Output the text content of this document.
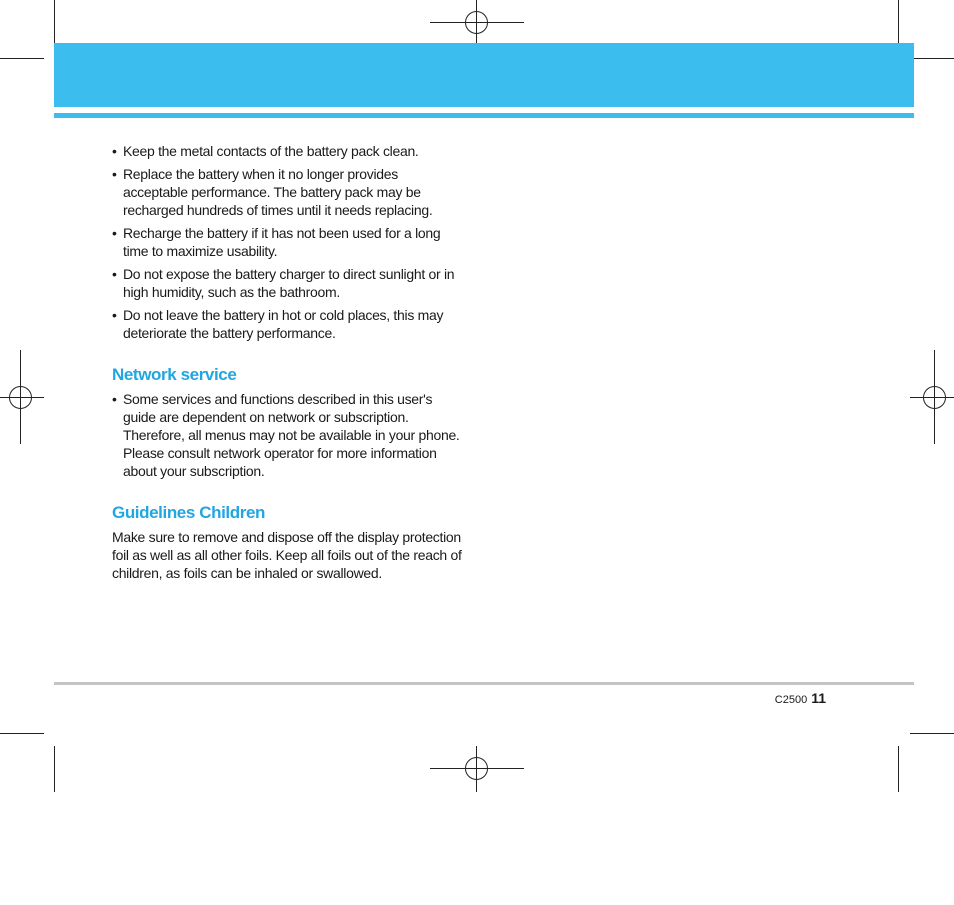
• Keep the metal contacts of the battery pack clean.
• Replace the battery when it no longer provides acceptable performance. The battery pack may be recharged hundreds of times until it needs replacing.
• Recharge the battery if it has not been used for a long time to maximize usability.
• Do not expose the battery charger to direct sunlight or in high humidity, such as the bathroom.
• Do not leave the battery in hot or cold places, this may deteriorate the battery performance.
Network service
• Some services and functions described in this user's guide are dependent on network or subscription. Therefore, all menus may not be available in your phone. Please consult network operator for more information about your subscription.
Guidelines Children

Make sure to remove and dispose off the display protection foil as well as all other foils. Keep all foils out of the reach of children, as foils can be inhaled or swallowed.

C2500 11
